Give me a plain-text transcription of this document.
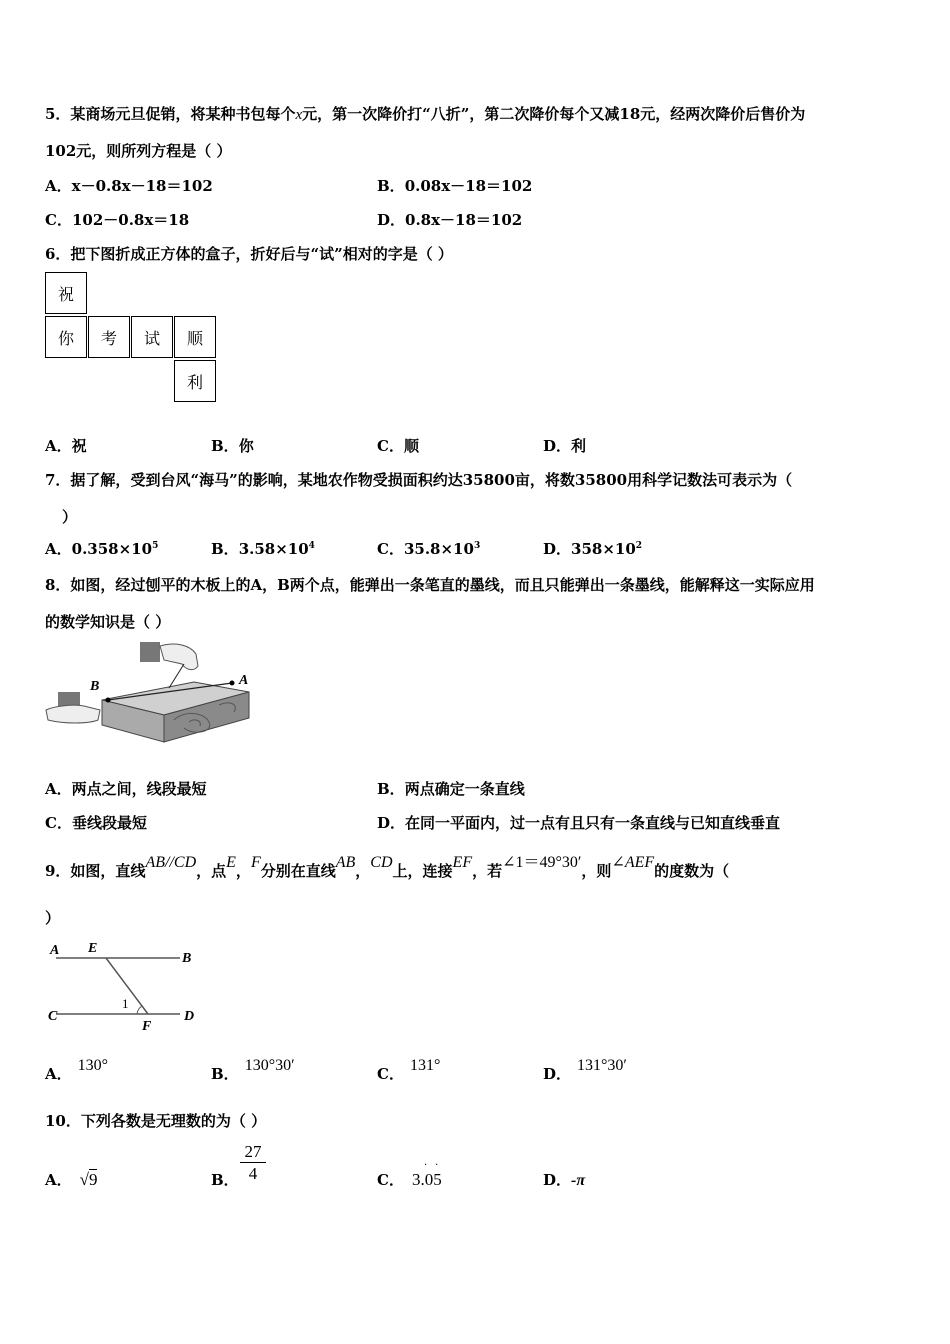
5．某商场元旦促销，将某种书包每个x元，第一次降价打“八折”，第二次降价每个又减18元，经两次降价后售价为
102元，则所列方程是（ ）
A．x－0.8x－18＝102	B．0.08x－18＝102
C．102－0.8x＝18	D．0.8x－18＝102
6．把下图折成正方体的盒子，折好后与“试”相对的字是（ ）
祝
你	考	试	顺
利
A．祝	B．你	C．顺	D．利
7．据了解，受到台风“海马”的影响，某地农作物受损面积约达35800亩，将数35800用科学记数法可表示为（
）
A．$0.358\times 10^5$	B．$3.58\times 10^4$	C．$35.8\times 10^3$	D．$358\times 10^2$
8．如图，经过刨平的木板上的A，B两个点，能弹出一条笔直的墨线，而且只能弹出一条墨线，能解释这一实际应用
的数学知识是（ ）
B	A
A．两点之间，线段最短	B．两点确定一条直线
C．垂线段最短	D．在同一平面内，过一点有且只有一条直线与已知直线垂直
9．如图，直线AB//CD，点E，F分别在直线AB，CD上，连接EF，若∠1＝49°30′，则∠AEF的度数为（
）
A E
B
C
1
F
D
A． 130°	B． 130°30′	C． 131°	D． 131°30′
10．下列各数是无理数的为（ ）
A． √9	B． $\frac{27}{4}$	C． 3.05
··
D．-π
